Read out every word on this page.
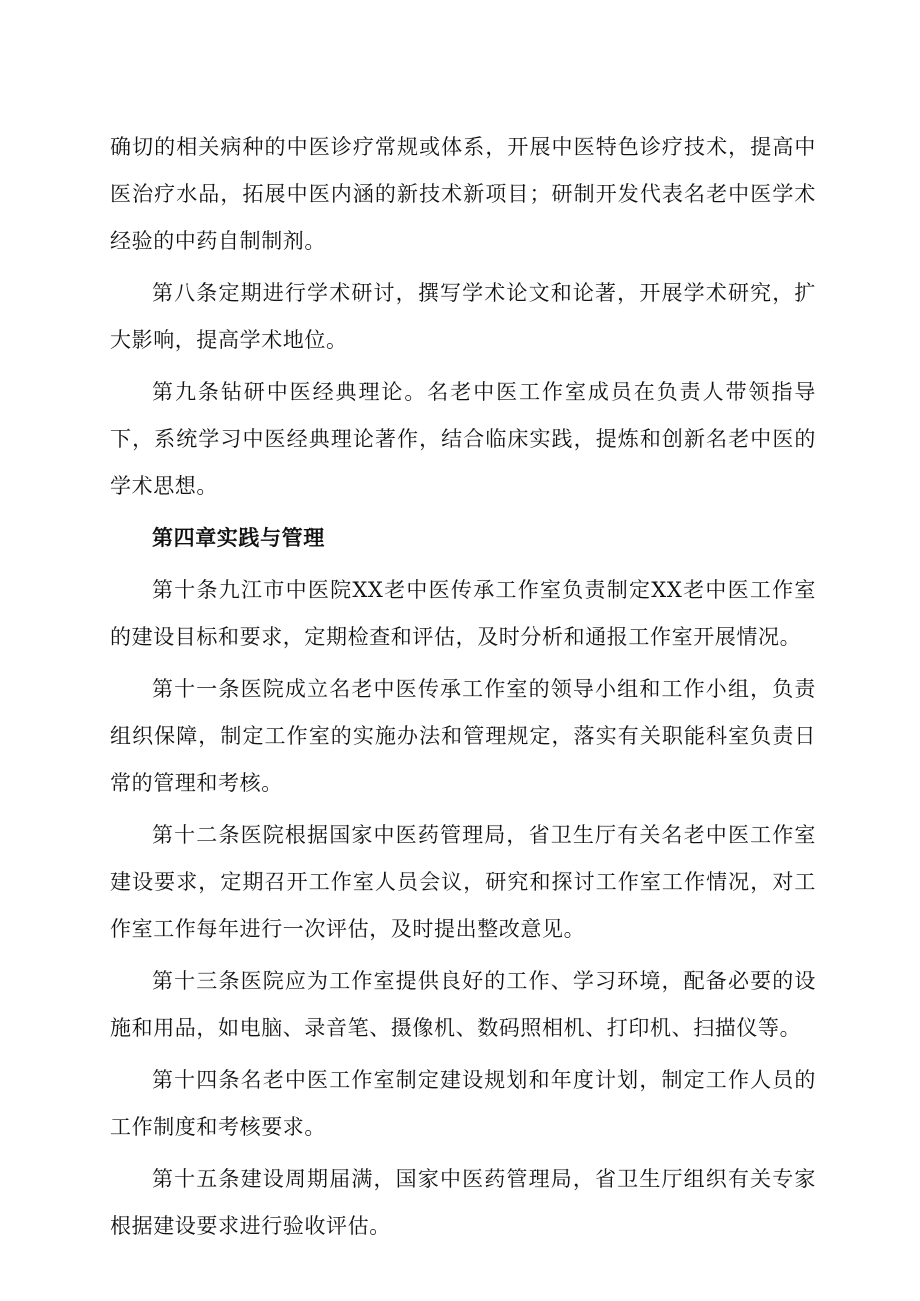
确切的相关病种的中医诊疗常规或体系，开展中医特色诊疗技术，提高中医治疗水品，拓展中医内涵的新技术新项目；研制开发代表名老中医学术经验的中药自制制剂。

第八条定期进行学术研讨，撰写学术论文和论著，开展学术研究，扩大影响，提高学术地位。

第九条钻研中医经典理论。名老中医工作室成员在负责人带领指导下，系统学习中医经典理论著作，结合临床实践，提炼和创新名老中医的学术思想。

第四章实践与管理

第十条九江市中医院XX老中医传承工作室负责制定XX老中医工作室的建设目标和要求，定期检查和评估，及时分析和通报工作室开展情况。

第十一条医院成立名老中医传承工作室的领导小组和工作小组，负责组织保障，制定工作室的实施办法和管理规定，落实有关职能科室负责日常的管理和考核。

第十二条医院根据国家中医药管理局，省卫生厅有关名老中医工作室建设要求，定期召开工作室人员会议，研究和探讨工作室工作情况，对工作室工作每年进行一次评估，及时提出整改意见。

第十三条医院应为工作室提供良好的工作、学习环境，配备必要的设施和用品，如电脑、录音笔、摄像机、数码照相机、打印机、扫描仪等。

第十四条名老中医工作室制定建设规划和年度计划，制定工作人员的工作制度和考核要求。

第十五条建设周期届满，国家中医药管理局，省卫生厅组织有关专家根据建设要求进行验收评估。
